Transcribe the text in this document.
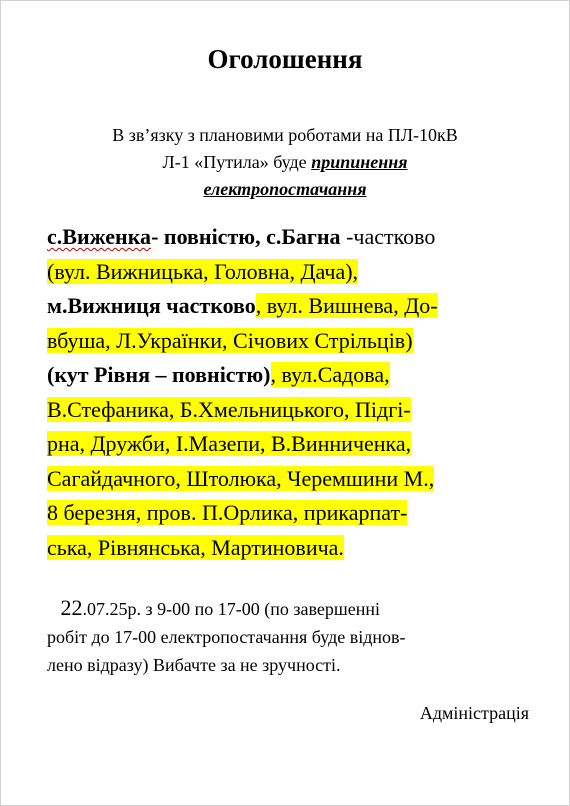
Оголошення
В зв’язку з плановими роботами на ПЛ-10кВ
Л-1 «Путила» буде припинення
електропостачання
с.Виженка- повністю, с.Багна -частково
(вул. Вижницька, Головна, Дача),
м.Вижниця частково, вул. Вишнева, До-
вбуша, Л.Українки, Січових Стрільців)
(кут Рівня – повністю), вул.Садова,
В.Стефаника, Б.Хмельницького, Підгі-
рна, Дружби, І.Мазепи, В.Винниченка,
Сагайдачного, Штолюка, Черемшини М.,
8 березня, пров. П.Орлика, прикарпат-
ська, Рівнянська, Мартиновича.
22.07.25р. з 9-00 по 17-00 (по завершенні
робіт до 17-00 електропостачання буде віднов-
лено відразу) Вибачте за не зручності.
Адміністрація
